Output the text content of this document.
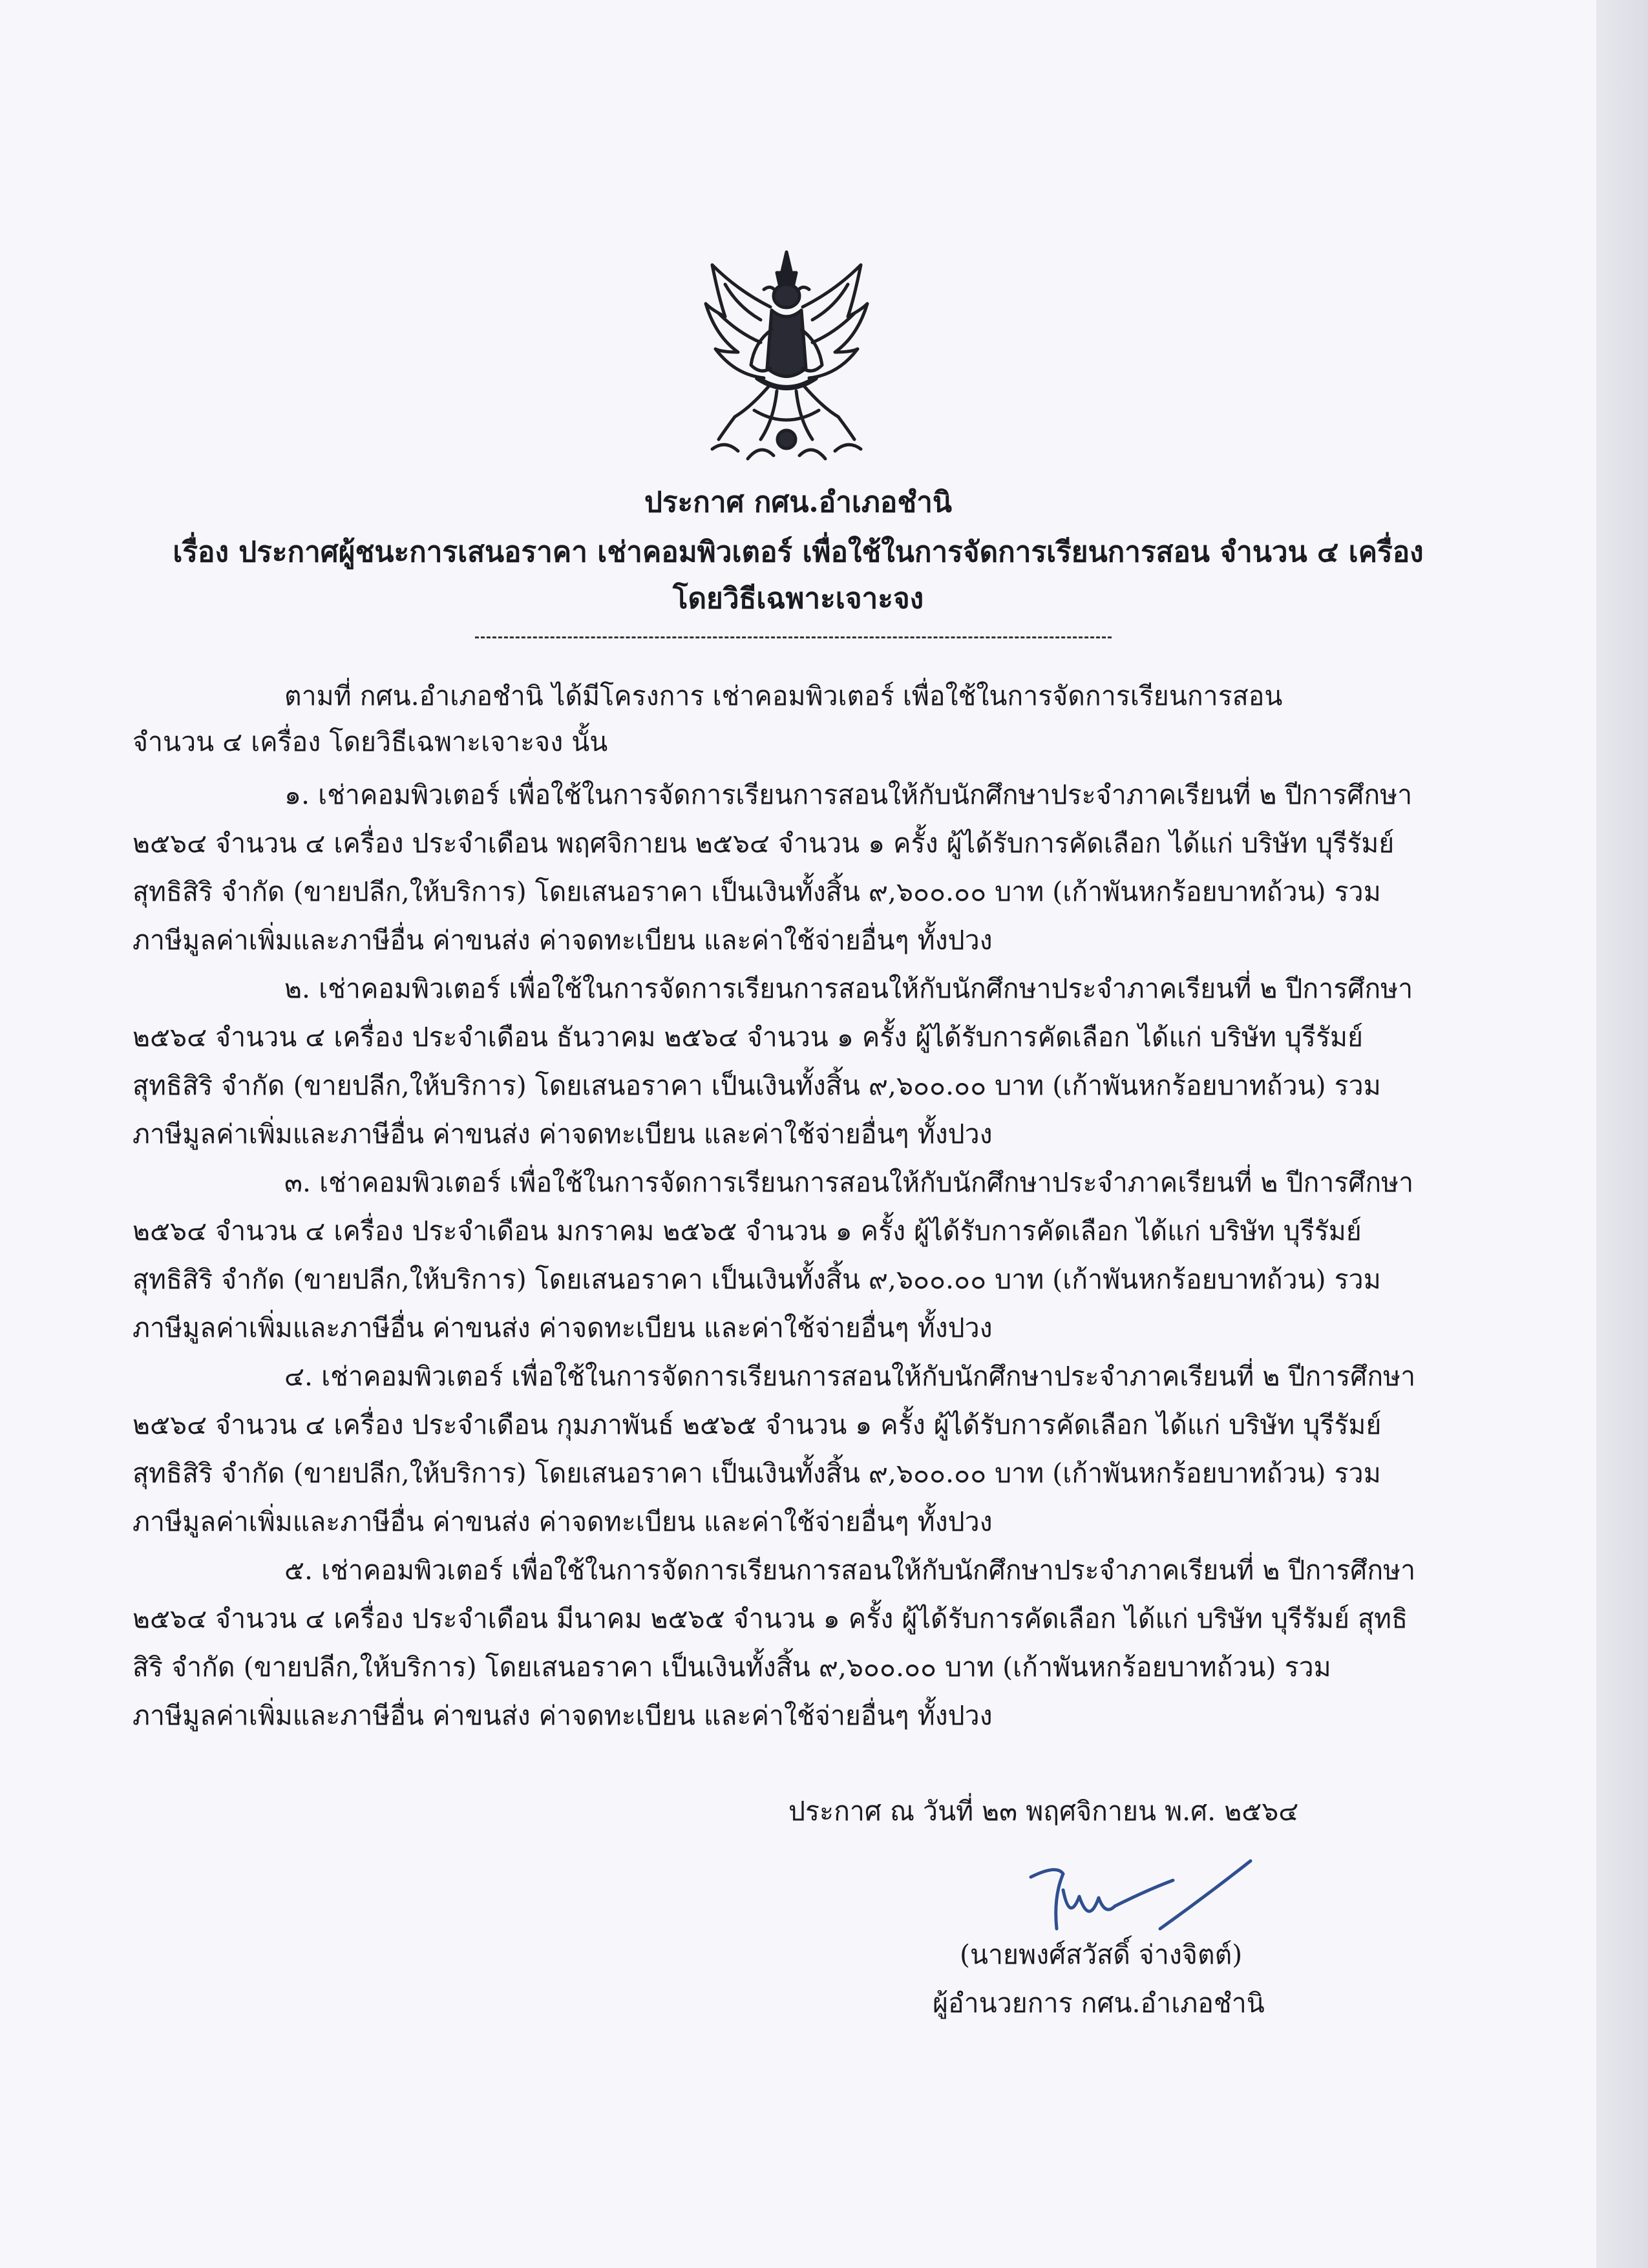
ประกาศ กศน.อำเภอชำนิ
เรื่อง ประกาศผู้ชนะการเสนอราคา เช่าคอมพิวเตอร์ เพื่อใช้ในการจัดการเรียนการสอน จำนวน ๔ เครื่อง
โดยวิธีเฉพาะเจาะจง
ตามที่ กศน.อำเภอชำนิ ได้มีโครงการ เช่าคอมพิวเตอร์ เพื่อใช้ในการจัดการเรียนการสอน
จำนวน ๔ เครื่อง โดยวิธีเฉพาะเจาะจง นั้น
๑. เช่าคอมพิวเตอร์ เพื่อใช้ในการจัดการเรียนการสอนให้กับนักศึกษาประจำภาคเรียนที่ ๒ ปีการศึกษา
๒๕๖๔ จำนวน ๔ เครื่อง ประจำเดือน พฤศจิกายน ๒๕๖๔ จำนวน ๑ ครั้ง ผู้ได้รับการคัดเลือก ได้แก่ บริษัท บุรีรัมย์
สุทธิสิริ จำกัด (ขายปลีก,ให้บริการ) โดยเสนอราคา เป็นเงินทั้งสิ้น ๙,๖๐๐.๐๐ บาท (เก้าพันหกร้อยบาทถ้วน) รวม
ภาษีมูลค่าเพิ่มและภาษีอื่น ค่าขนส่ง ค่าจดทะเบียน และค่าใช้จ่ายอื่นๆ ทั้งปวง
๒. เช่าคอมพิวเตอร์ เพื่อใช้ในการจัดการเรียนการสอนให้กับนักศึกษาประจำภาคเรียนที่ ๒ ปีการศึกษา
๒๕๖๔ จำนวน ๔ เครื่อง ประจำเดือน ธันวาคม ๒๕๖๔ จำนวน ๑ ครั้ง ผู้ได้รับการคัดเลือก ได้แก่ บริษัท บุรีรัมย์
สุทธิสิริ จำกัด (ขายปลีก,ให้บริการ) โดยเสนอราคา เป็นเงินทั้งสิ้น ๙,๖๐๐.๐๐ บาท (เก้าพันหกร้อยบาทถ้วน) รวม
ภาษีมูลค่าเพิ่มและภาษีอื่น ค่าขนส่ง ค่าจดทะเบียน และค่าใช้จ่ายอื่นๆ ทั้งปวง
๓. เช่าคอมพิวเตอร์ เพื่อใช้ในการจัดการเรียนการสอนให้กับนักศึกษาประจำภาคเรียนที่ ๒ ปีการศึกษา
๒๕๖๔ จำนวน ๔ เครื่อง ประจำเดือน มกราคม ๒๕๖๕ จำนวน ๑ ครั้ง ผู้ได้รับการคัดเลือก ได้แก่ บริษัท บุรีรัมย์
สุทธิสิริ จำกัด (ขายปลีก,ให้บริการ) โดยเสนอราคา เป็นเงินทั้งสิ้น ๙,๖๐๐.๐๐ บาท (เก้าพันหกร้อยบาทถ้วน) รวม
ภาษีมูลค่าเพิ่มและภาษีอื่น ค่าขนส่ง ค่าจดทะเบียน และค่าใช้จ่ายอื่นๆ ทั้งปวง
๔. เช่าคอมพิวเตอร์ เพื่อใช้ในการจัดการเรียนการสอนให้กับนักศึกษาประจำภาคเรียนที่ ๒ ปีการศึกษา
๒๕๖๔ จำนวน ๔ เครื่อง ประจำเดือน กุมภาพันธ์ ๒๕๖๕ จำนวน ๑ ครั้ง ผู้ได้รับการคัดเลือก ได้แก่ บริษัท บุรีรัมย์
สุทธิสิริ จำกัด (ขายปลีก,ให้บริการ) โดยเสนอราคา เป็นเงินทั้งสิ้น ๙,๖๐๐.๐๐ บาท (เก้าพันหกร้อยบาทถ้วน) รวม
ภาษีมูลค่าเพิ่มและภาษีอื่น ค่าขนส่ง ค่าจดทะเบียน และค่าใช้จ่ายอื่นๆ ทั้งปวง
๕. เช่าคอมพิวเตอร์ เพื่อใช้ในการจัดการเรียนการสอนให้กับนักศึกษาประจำภาคเรียนที่ ๒ ปีการศึกษา
๒๕๖๔ จำนวน ๔ เครื่อง ประจำเดือน มีนาคม ๒๕๖๕ จำนวน ๑ ครั้ง ผู้ได้รับการคัดเลือก ได้แก่ บริษัท บุรีรัมย์ สุทธิ
สิริ จำกัด (ขายปลีก,ให้บริการ) โดยเสนอราคา เป็นเงินทั้งสิ้น ๙,๖๐๐.๐๐ บาท (เก้าพันหกร้อยบาทถ้วน) รวม
ภาษีมูลค่าเพิ่มและภาษีอื่น ค่าขนส่ง ค่าจดทะเบียน และค่าใช้จ่ายอื่นๆ ทั้งปวง
ประกาศ ณ วันที่ ๒๓ พฤศจิกายน พ.ศ. ๒๕๖๔
(นายพงศ์สวัสดิ์ จ่างจิตต์)
ผู้อำนวยการ กศน.อำเภอชำนิ
